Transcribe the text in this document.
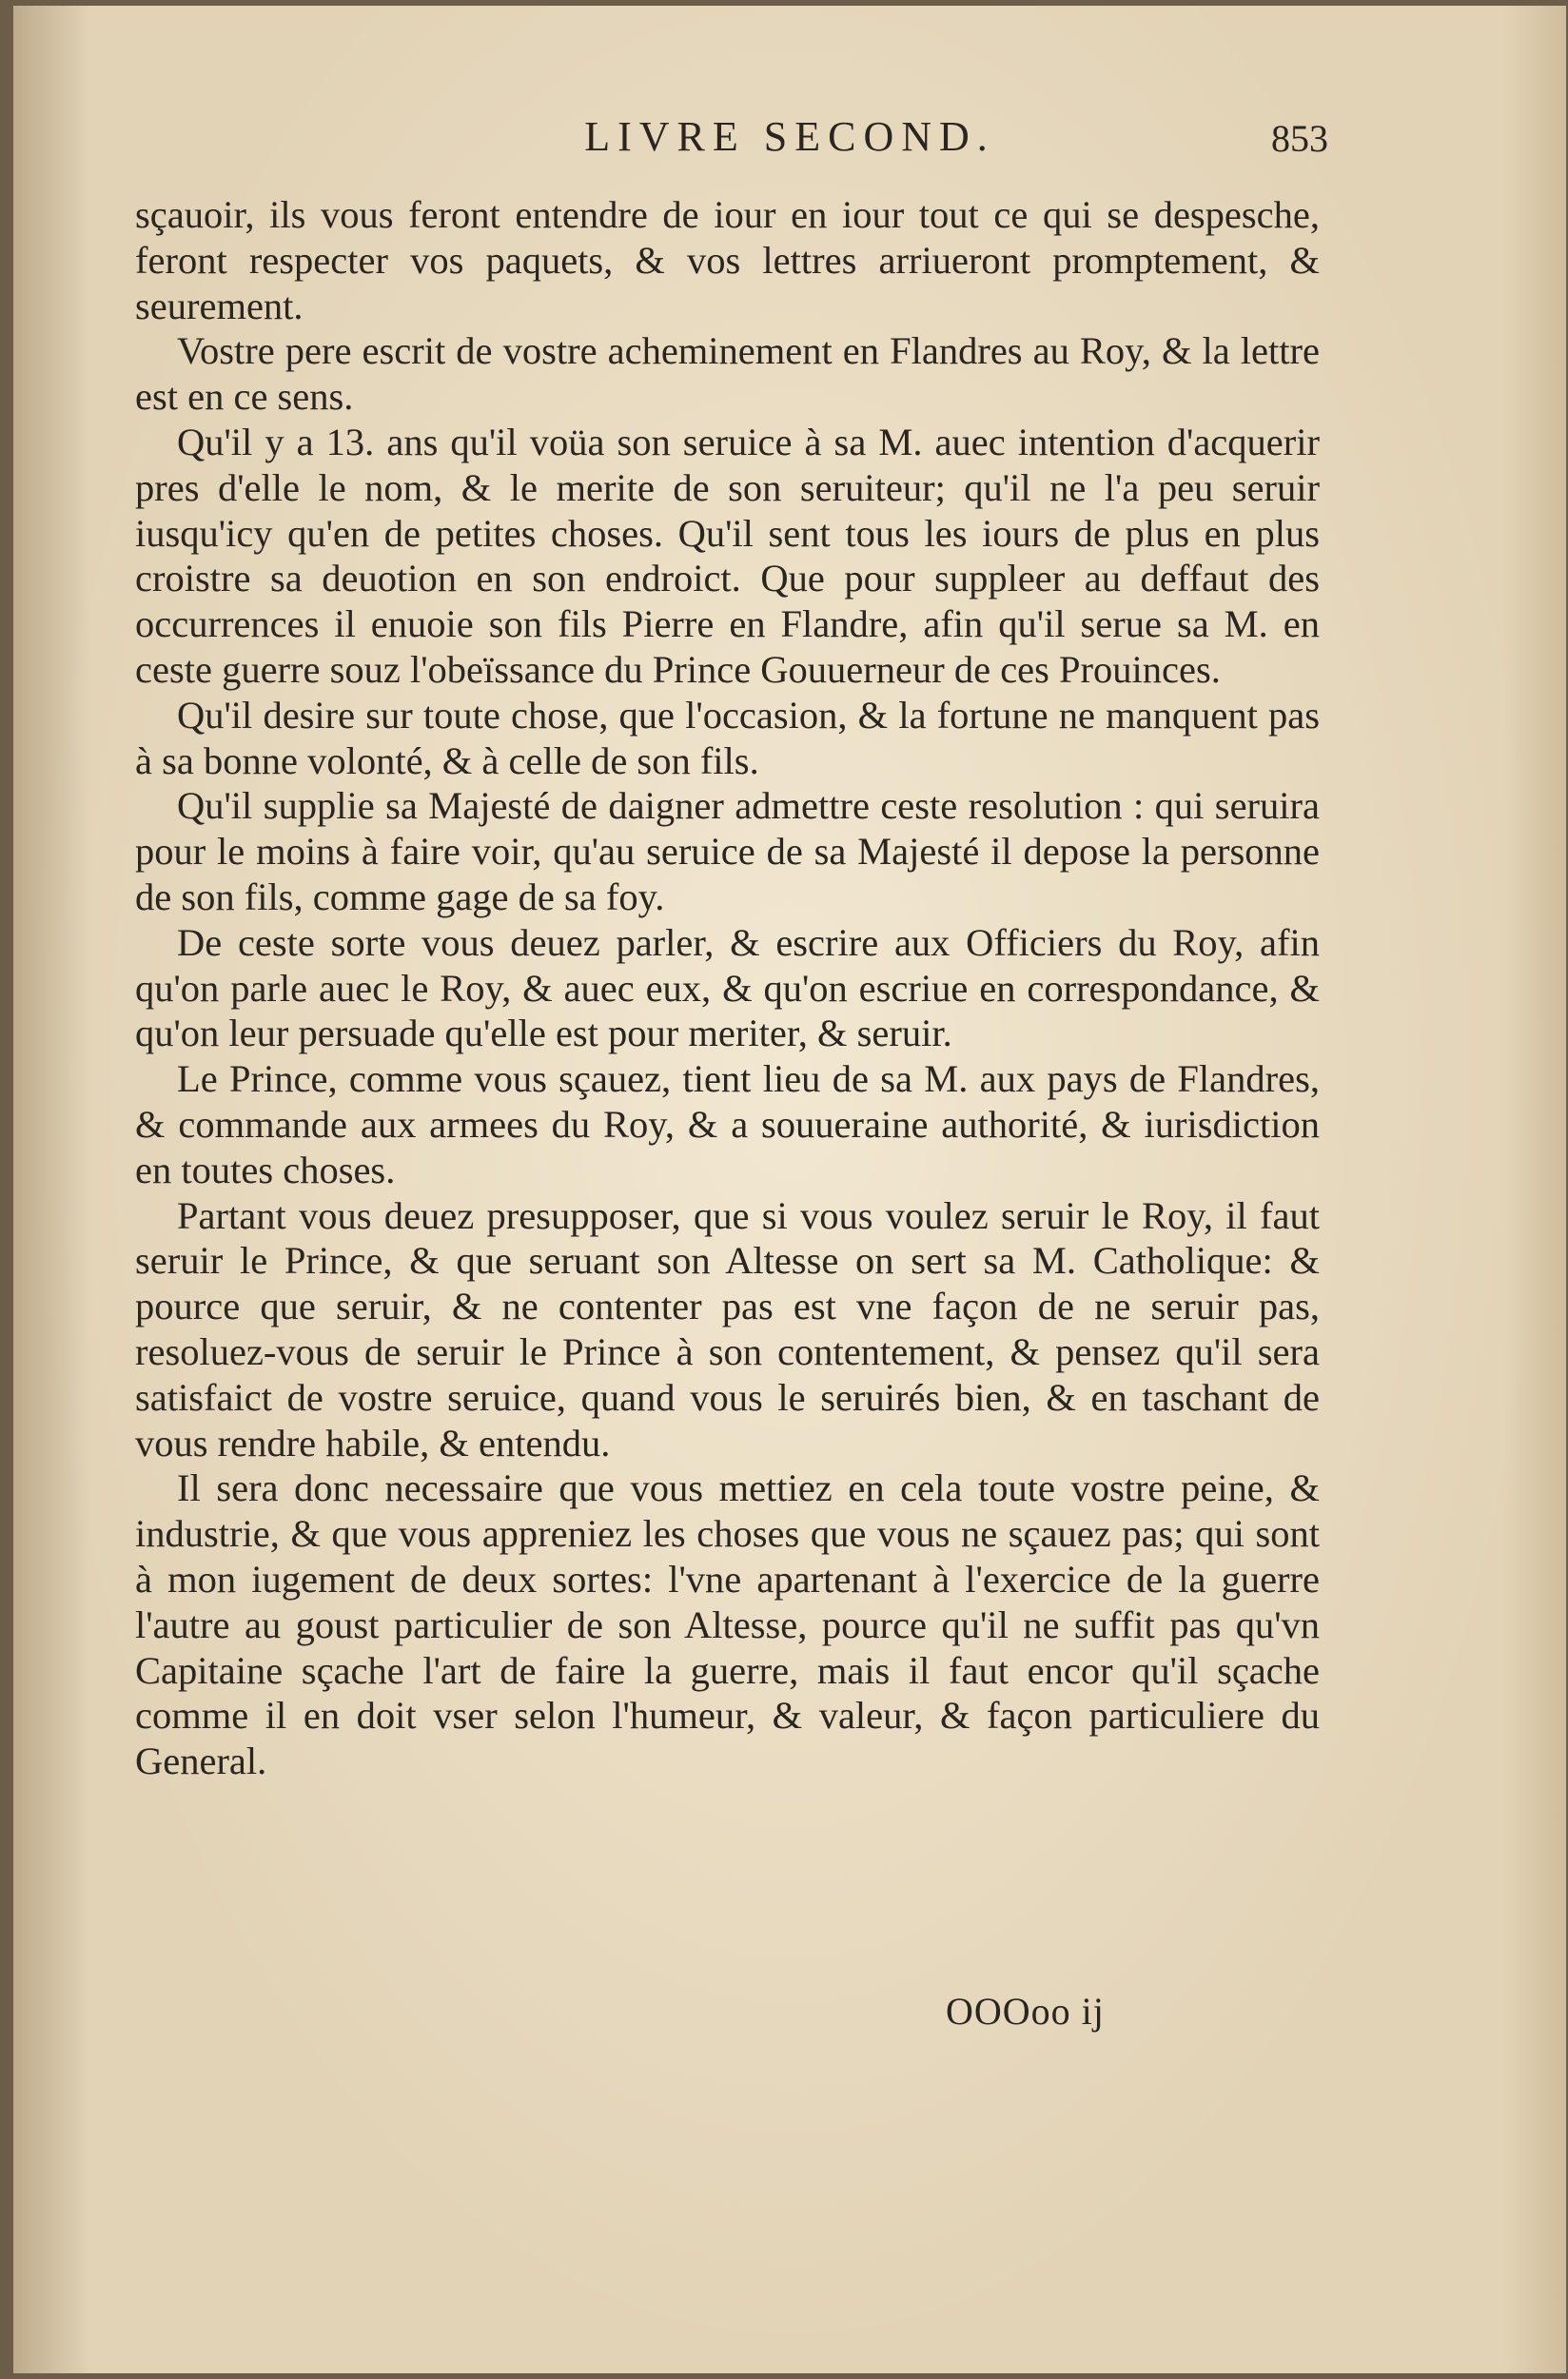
LIVRE SECOND.	853

sçauoir, ils vous feront entendre de iour en iour tout ce qui se despesche, feront respecter vos paquets, & vos lettres arriueront promptement, & seurement.

Vostre pere escrit de vostre acheminement en Flandres au Roy, & la lettre est en ce sens.

Qu'il y a 13. ans qu'il voüa son seruice à sa M. auec intention d'acquerir pres d'elle le nom, & le merite de son seruiteur; qu'il ne l'a peu seruir iusqu'icy qu'en de petites choses. Qu'il sent tous les iours de plus en plus croistre sa deuotion en son endroict. Que pour suppleer au deffaut des occurrences il enuoie son fils Pierre en Flandre, afin qu'il serue sa M. en ceste guerre souz l'obeïssance du Prince Gouuerneur de ces Prouinces.

Qu'il desire sur toute chose, que l'occasion, & la fortune ne manquent pas à sa bonne volonté, & à celle de son fils.

Qu'il supplie sa Majesté de daigner admettre ceste resolution : qui seruira pour le moins à faire voir, qu'au seruice de sa Majesté il depose la personne de son fils, comme gage de sa foy.

De ceste sorte vous deuez parler, & escrire aux Officiers du Roy, afin qu'on parle auec le Roy, & auec eux, & qu'on escriue en correspondance, & qu'on leur persuade qu'elle est pour meriter, & seruir.

Le Prince, comme vous sçauez, tient lieu de sa M. aux pays de Flandres, & commande aux armees du Roy, & a souueraine authorité, & iurisdiction en toutes choses.

Partant vous deuez presupposer, que si vous voulez seruir le Roy, il faut seruir le Prince, & que seruant son Altesse on sert sa M. Catholique: & pource que seruir, & ne contenter pas est vne façon de ne seruir pas, resoluez-vous de seruir le Prince à son contentement, & pensez qu'il sera satisfaict de vostre seruice, quand vous le seruirés bien, & en taschant de vous rendre habile, & entendu.

Il sera donc necessaire que vous mettiez en cela toute vostre peine, & industrie, & que vous appreniez les choses que vous ne sçauez pas; qui sont à mon iugement de deux sortes: l'vne apartenant à l'exercice de la guerre l'autre au goust particulier de son Altesse, pource qu'il ne suffit pas qu'vn Capitaine sçache l'art de faire la guerre, mais il faut encor qu'il sçache comme il en doit vser selon l'humeur, & valeur, & façon particuliere du General.

OOOoo ij
